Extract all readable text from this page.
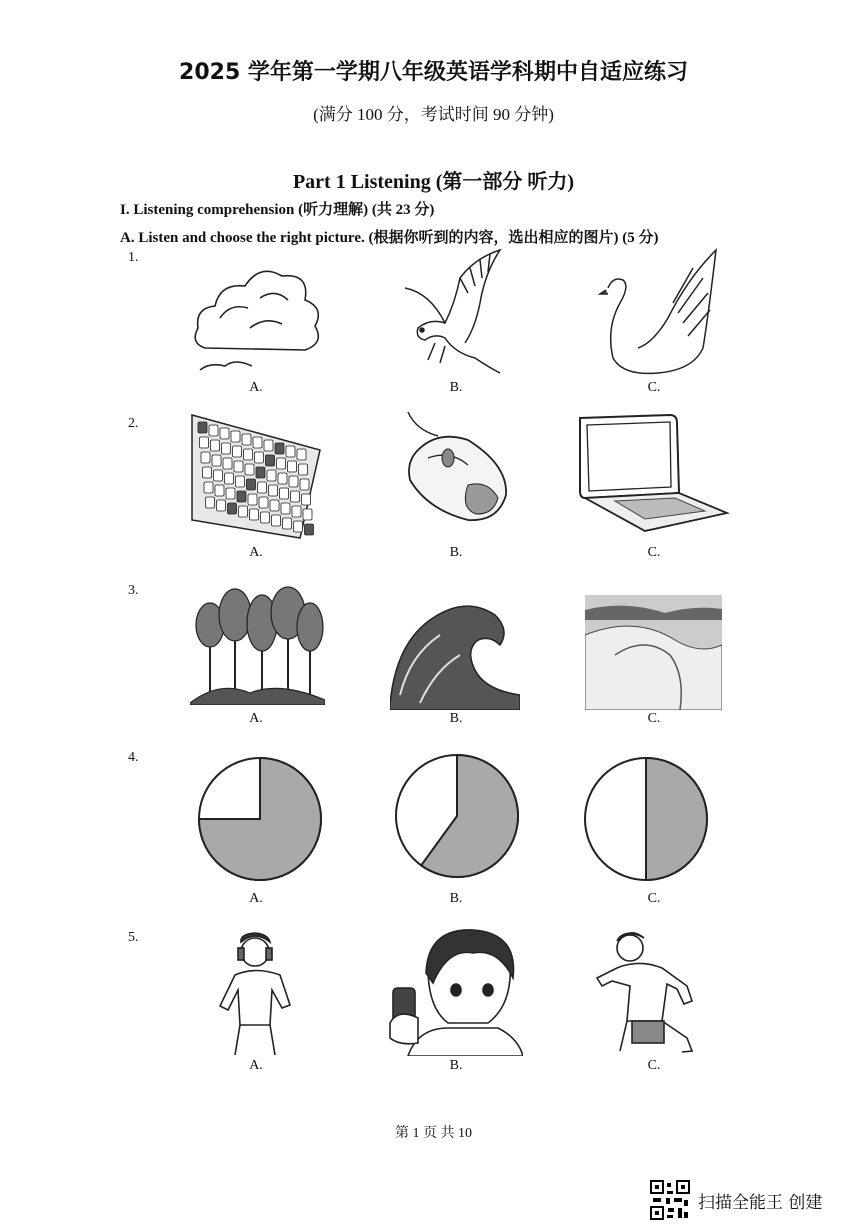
2025 学年第一学期八年级英语学科期中自适应练习
(满分 100 分，考试时间 90 分钟)
Part 1 Listening (第一部分 听力)
I. Listening comprehension (听力理解) (共 23 分)
A. Listen and choose the right picture. (根据你听到的内容，选出相应的图片) (5 分)
1.
A.	B.	C.
2.
A.	B.	C.
3.
A.	B.	C.
4.
A.	B.	C.
5.
A.	B.	C.
第 1 页 共 10
扫描全能王 创建
